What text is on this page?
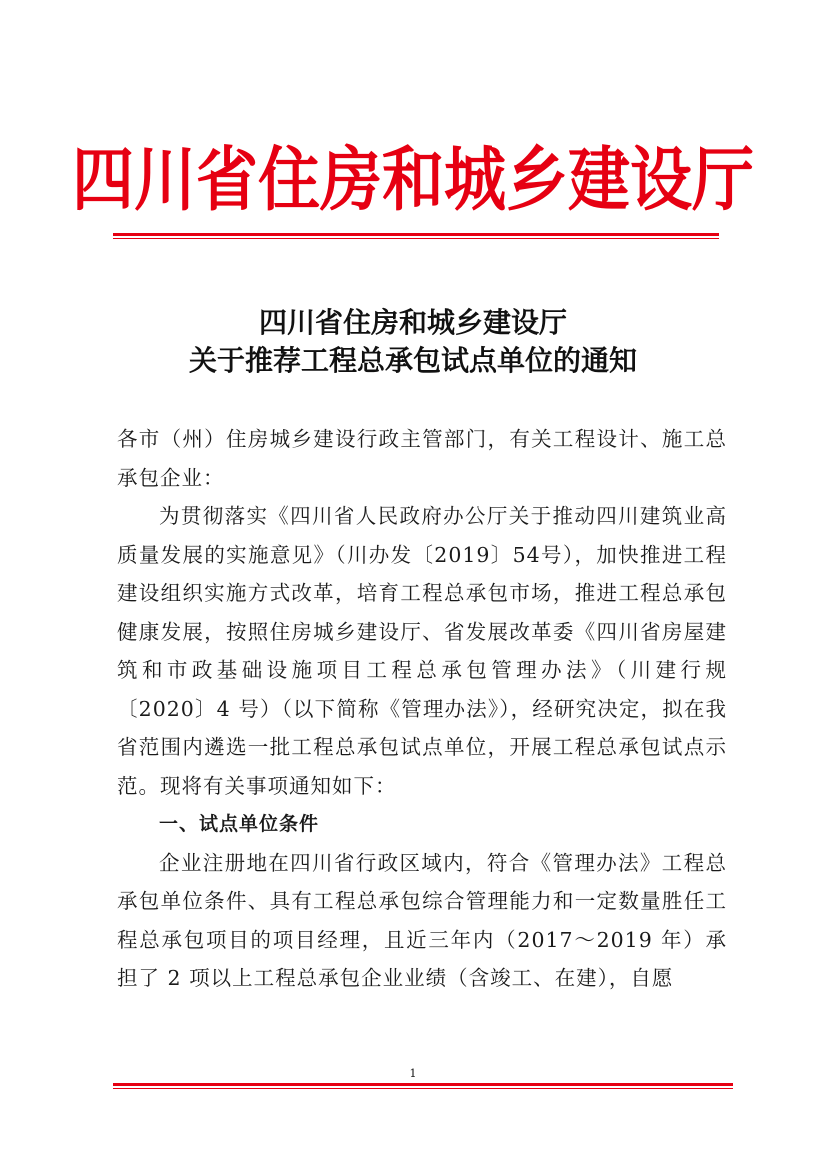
四川省住房和城乡建设厅
四川省住房和城乡建设厅
关于推荐工程总承包试点单位的通知

各市（州）住房城乡建设行政主管部门，有关工程设计、施工总承包企业：

为贯彻落实《四川省人民政府办公厅关于推动四川建筑业高质量发展的实施意见》（川办发〔2019〕54号），加快推进工程建设组织实施方式改革，培育工程总承包市场，推进工程总承包健康发展，按照住房城乡建设厅、省发展改革委《四川省房屋建筑和市政基础设施项目工程总承包管理办法》（川建行规〔2020〕4 号）（以下简称《管理办法》），经研究决定，拟在我省范围内遴选一批工程总承包试点单位，开展工程总承包试点示范。现将有关事项通知如下：

一、试点单位条件

企业注册地在四川省行政区域内，符合《管理办法》工程总承包单位条件、具有工程总承包综合管理能力和一定数量胜任工程总承包项目的项目经理，且近三年内（2017～2019 年）承担了 2 项以上工程总承包企业业绩（含竣工、在建），自愿

1
